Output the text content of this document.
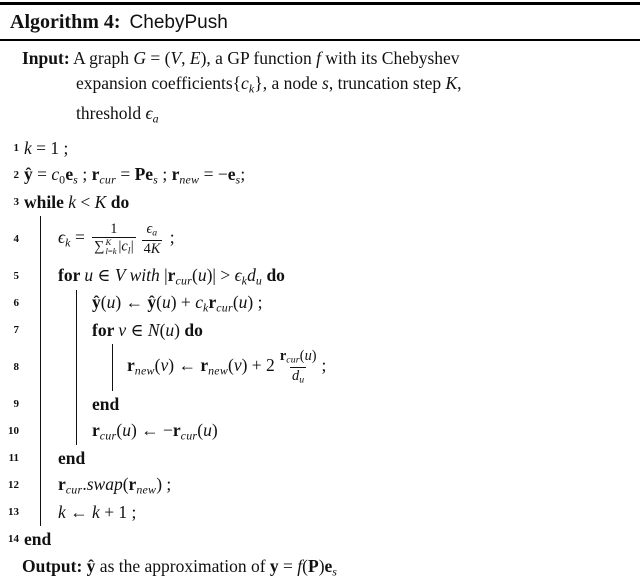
Algorithm 4: ChebyPush
Input: A graph G = (V, E), a GP function f with its Chebyshev
expansion coefficients{ck}, a node s, truncation step K,
threshold ϵa
1 k = 1 ;
2 ŷ = c0es ; rcur = Pes ; rnew = −es;
3 while k < K do
4 ϵk = 1
∑ K
l=k $|cl| \frac{\epsilon a}{4K}$ ;
5 for u ∈ V with |rcur(u)| > ϵkdu do
6	ŷ(u) ← ŷ(u) + ckrcur(u) ;
7	for v ∈ N(u) do
8	rnew(v) ← rnew(v) + $2 \frac{\text{rcur(u)}}{du}$ ;
9	end
10	rcur(u) ← −rcur(u)
11 end
12 rcur.swap(rnew) ;
13 k ← k + 1 ;
14 end
Output: ŷ as the approximation of y = f(P)es
